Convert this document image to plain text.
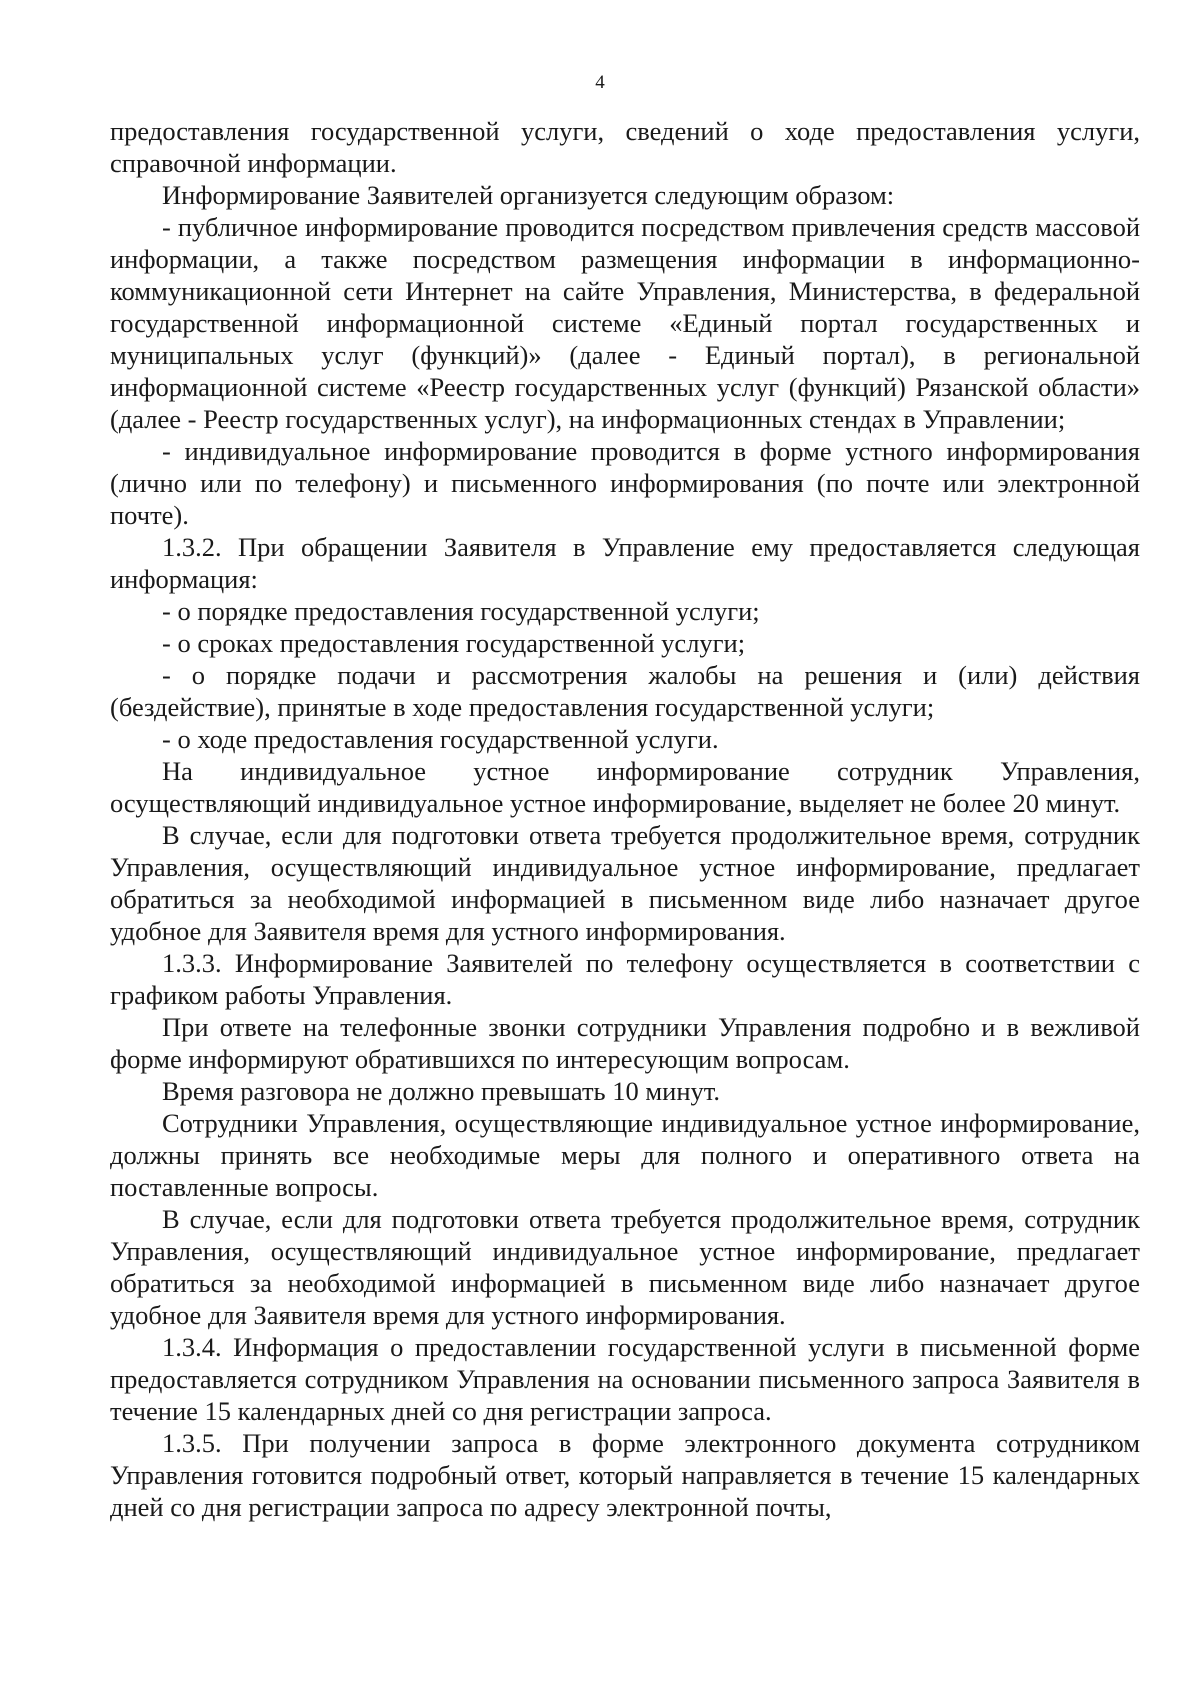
4

предоставления государственной услуги, сведений о ходе предоставления услуги, справочной информации.

Информирование Заявителей организуется следующим образом:

- публичное информирование проводится посредством привлечения средств массовой информации, а также посредством размещения информации в информационно-коммуникационной сети Интернет на сайте Управления, Министерства, в федеральной государственной информационной системе «Единый портал государственных и муниципальных услуг (функций)» (далее - Единый портал), в региональной информационной системе «Реестр государственных услуг (функций) Рязанской области» (далее - Реестр государственных услуг), на информационных стендах в Управлении;

- индивидуальное информирование проводится в форме устного информирования (лично или по телефону) и письменного информирования (по почте или электронной почте).

1.3.2. При обращении Заявителя в Управление ему предоставляется следующая информация:

- о порядке предоставления государственной услуги;

- о сроках предоставления государственной услуги;

- о порядке подачи и рассмотрения жалобы на решения и (или) действия (бездействие), принятые в ходе предоставления государственной услуги;

- о ходе предоставления государственной услуги.

На индивидуальное устное информирование сотрудник Управления, осуществляющий индивидуальное устное информирование, выделяет не более 20 минут.

В случае, если для подготовки ответа требуется продолжительное время, сотрудник Управления, осуществляющий индивидуальное устное информирование, предлагает обратиться за необходимой информацией в письменном виде либо назначает другое удобное для Заявителя время для устного информирования.

1.3.3. Информирование Заявителей по телефону осуществляется в соответствии с графиком работы Управления.

При ответе на телефонные звонки сотрудники Управления подробно и в вежливой форме информируют обратившихся по интересующим вопросам.

Время разговора не должно превышать 10 минут.

Сотрудники Управления, осуществляющие индивидуальное устное информирование, должны принять все необходимые меры для полного и оперативного ответа на поставленные вопросы.

В случае, если для подготовки ответа требуется продолжительное время, сотрудник Управления, осуществляющий индивидуальное устное информирование, предлагает обратиться за необходимой информацией в письменном виде либо назначает другое удобное для Заявителя время для устного информирования.

1.3.4. Информация о предоставлении государственной услуги в письменной форме предоставляется сотрудником Управления на основании письменного запроса Заявителя в течение 15 календарных дней со дня регистрации запроса.

1.3.5. При получении запроса в форме электронного документа сотрудником Управления готовится подробный ответ, который направляется в течение 15 календарных дней со дня регистрации запроса по адресу электронной почты,
